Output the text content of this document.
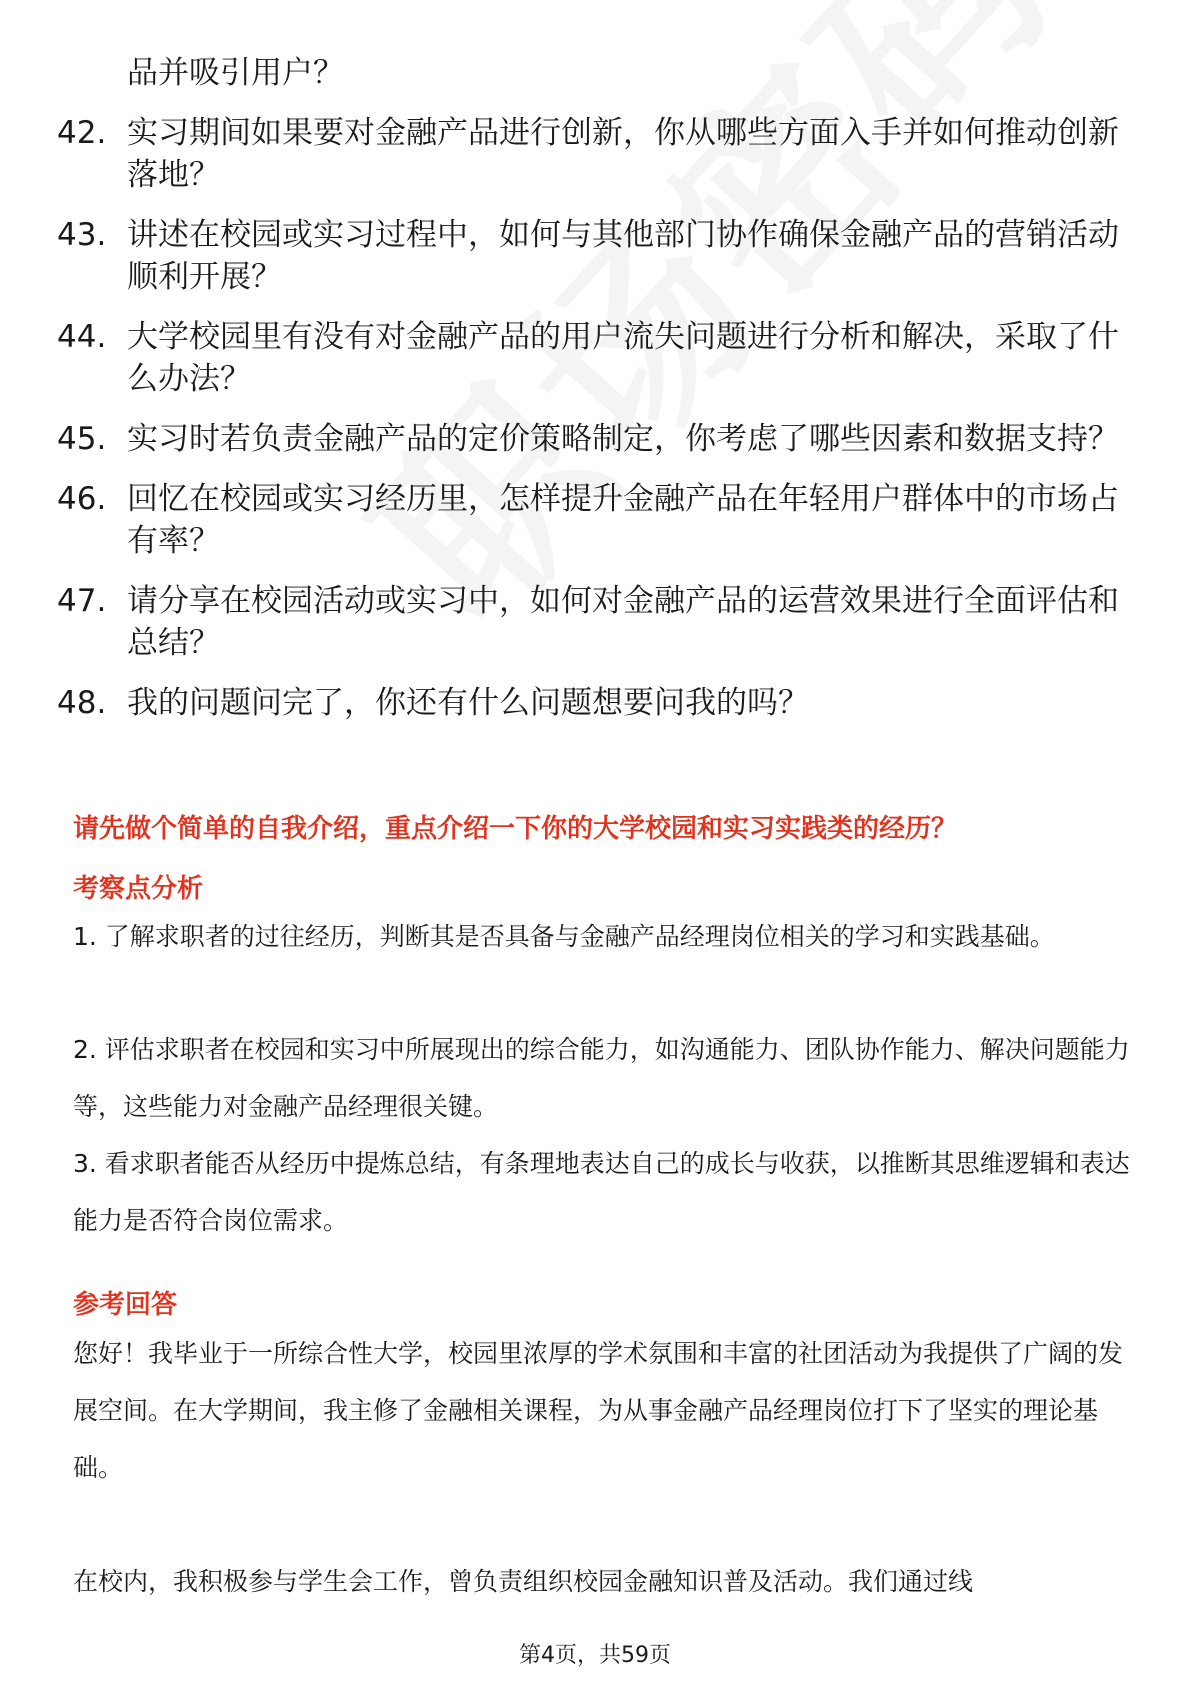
品并吸引用户？

42. 实习期间如果要对金融产品进行创新，你从哪些方面入手并如何推动创新落地？
43. 讲述在校园或实习过程中，如何与其他部门协作确保金融产品的营销活动顺利开展？
44. 大学校园里有没有对金融产品的用户流失问题进行分析和解决，采取了什么办法？
45. 实习时若负责金融产品的定价策略制定，你考虑了哪些因素和数据支持？
46. 回忆在校园或实习经历里，怎样提升金融产品在年轻用户群体中的市场占有率？
47. 请分享在校园活动或实习中，如何对金融产品的运营效果进行全面评估和总结？
48. 我的问题问完了，你还有什么问题想要问我的吗？
请先做个简单的自我介绍，重点介绍一下你的大学校园和实习实践类的经历？
考察点分析

1. 了解求职者的过往经历，判断其是否具备与金融产品经理岗位相关的学习和实践基础。

2. 评估求职者在校园和实习中所展现出的综合能力，如沟通能力、团队协作能力、解决问题能力等，这些能力对金融产品经理很关键。

3. 看求职者能否从经历中提炼总结，有条理地表达自己的成长与收获，以推断其思维逻辑和表达能力是否符合岗位需求。

参考回答

您好！我毕业于一所综合性大学，校园里浓厚的学术氛围和丰富的社团活动为我提供了广阔的发展空间。在大学期间，我主修了金融相关课程，为从事金融产品经理岗位打下了坚实的理论基础。

在校内，我积极参与学生会工作，曾负责组织校园金融知识普及活动。我们通过线

第4页，共59页
